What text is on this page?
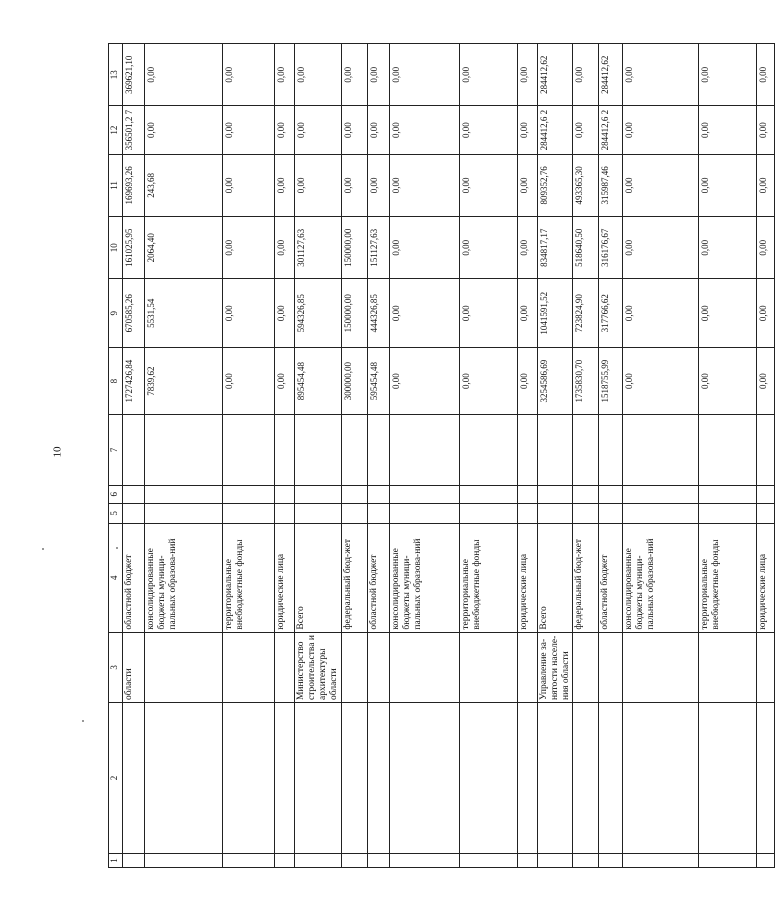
10
1	2	3	4	5	6	7	8	9	10	11	12	13
		области	областной бюджет				1727426,84	670585,26	161025,95	169693,26	356501,2 7	369621,10
			консолидированные бюджеты муници-пальных образова-ний				7839,62	5531,54	2064,40	243,68	0,00	0,00
			территориальные внебюджетные фонды				0,00	0,00	0,00	0,00	0,00	0,00
			юридические лица				0,00	0,00	0,00	0,00	0,00	0,00
		Министерство строительства и архитектуры области	Всего				895454,48	594326,85	301127,63	0,00	0,00	0,00
			федеральный бюд-жет				300000,00	150000,00	150000,00	0,00	0,00	0,00
			областной бюджет				595454,48	444326,85	151127,63	0,00	0,00	0,00
			консолидированные бюджеты муници-пальных образова-ний				0,00	0,00	0,00	0,00	0,00	0,00
			территориальные внебюджетные фонды				0,00	0,00	0,00	0,00	0,00	0,00
			юридические лица				0,00	0,00	0,00	0,00	0,00	0,00
		Управление за-нятости населе-ния области	Всего				3254586,69	1041591,52	834817,17	809352,76	284412,6 2	284412,62
			федеральный бюд-жет				1735830,70	723824,90	518640,50	493365,30	0,00	0,00
			областной бюджет				1518755,99	317766,62	316176,67	315987,46	284412,6 2	284412,62
			консолидированные бюджеты муници-пальных образова-ний				0,00	0,00	0,00	0,00	0,00	0,00
			территориальные внебюджетные фонды				0,00	0,00	0,00	0,00	0,00	0,00
			юридические лица				0,00	0,00	0,00	0,00	0,00	0,00
